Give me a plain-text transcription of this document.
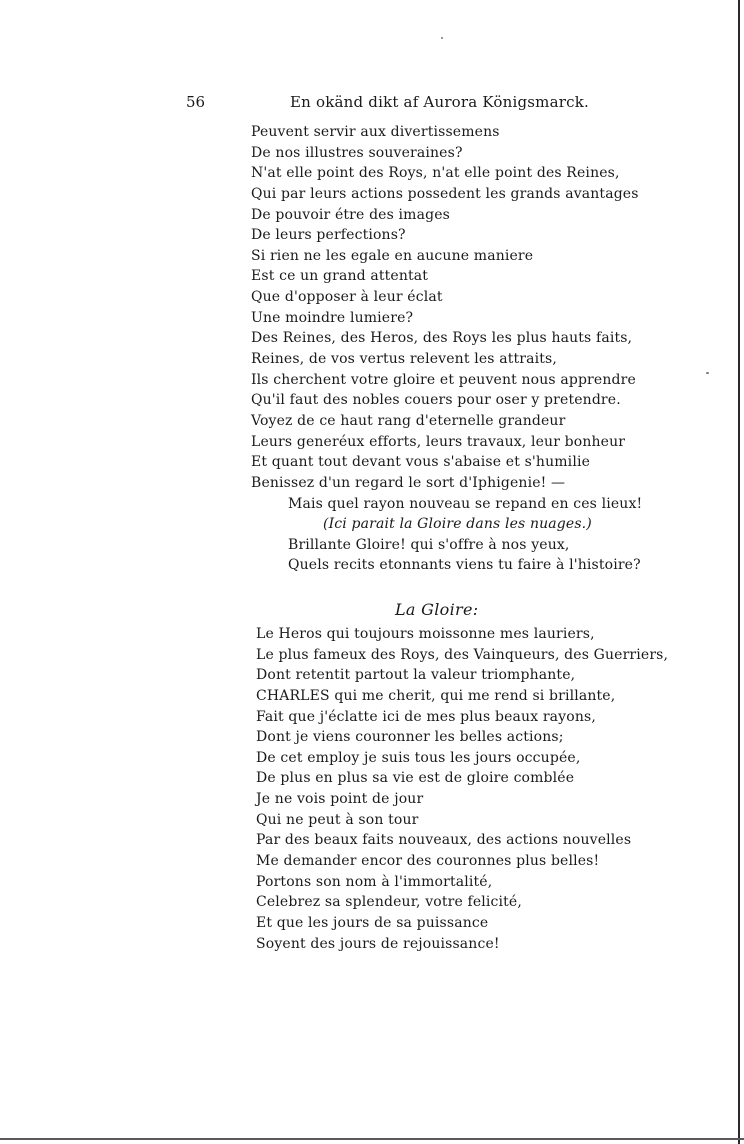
56	En okänd dikt af Aurora Königsmarck.
Peuvent servir aux divertissemens
De nos illustres souveraines?
N'at elle point des Roys, n'at elle point des Reines,
Qui par leurs actions possedent les grands avantages
De pouvoir étre des images
De leurs perfections?
Si rien ne les egale en aucune maniere
Est ce un grand attentat
Que d'opposer à leur éclat
Une moindre lumiere?
Des Reines, des Heros, des Roys les plus hauts faits,
Reines, de vos vertus relevent les attraits,
Ils cherchent votre gloire et peuvent nous apprendre
Qu'il faut des nobles couers pour oser y pretendre.
Voyez de ce haut rang d'eternelle grandeur
Leurs generéux efforts, leurs travaux, leur bonheur
Et quant tout devant vous s'abaise et s'humilie
Benissez d'un regard le sort d'Iphigenie! —
Mais quel rayon nouveau se repand en ces lieux!
(Ici parait la Gloire dans les nuages.)
Brillante Gloire! qui s'offre à nos yeux,
Quels recits etonnants viens tu faire à l'histoire?
La Gloire:
Le Heros qui toujours moissonne mes lauriers,
Le plus fameux des Roys, des Vainqueurs, des Guerriers,
Dont retentit partout la valeur triomphante,
CHARLES qui me cherit, qui me rend si brillante,
Fait que j'éclatte ici de mes plus beaux rayons,
Dont je viens couronner les belles actions;
De cet employ je suis tous les jours occupée,
De plus en plus sa vie est de gloire comblée
Je ne vois point de jour
Qui ne peut à son tour
Par des beaux faits nouveaux, des actions nouvelles
Me demander encor des couronnes plus belles!
Portons son nom à l'immortalité,
Celebrez sa splendeur, votre felicité,
Et que les jours de sa puissance
Soyent des jours de rejouissance!
